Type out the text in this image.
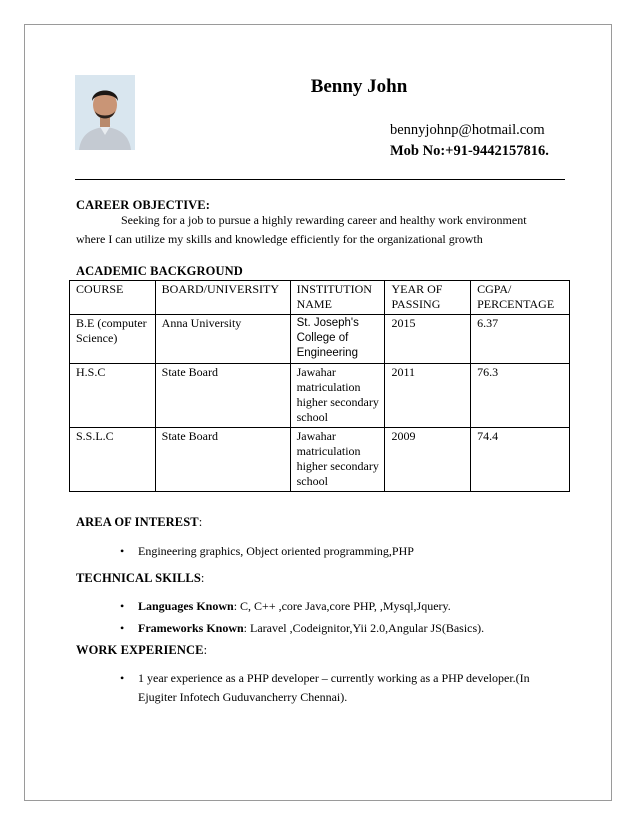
Benny John
bennyjohnp@hotmail.com
Mob No:+91-9442157816.
CAREER OBJECTIVE:
Seeking for a job to pursue a highly rewarding career and healthy work environment
where I can utilize my skills and knowledge efficiently for the organizational growth
ACADEMIC BACKGROUND
COURSE	BOARD/UNIVERSITY	INSTITUTION NAME	YEAR OF PASSING	CGPA/ PERCENTAGE
B.E (computer Science)	Anna University	St. Joseph's College of Engineering	2015	6.37
H.S.C	State Board	Jawahar matriculation higher secondary school	2011	76.3
S.S.L.C	State Board	Jawahar matriculation higher secondary school	2009	74.4
AREA OF INTEREST:
• Engineering graphics, Object oriented programming,PHP
TECHNICAL SKILLS:
• Languages Known: C, C++ ,core Java,core PHP, ,Mysql,Jquery.
• Frameworks Known: Laravel ,Codeignitor,Yii 2.0,Angular JS(Basics).
WORK EXPERIENCE:
• 1 year experience as a PHP developer – currently working as a PHP developer.(In
Ejugiter Infotech Guduvancherry Chennai).
